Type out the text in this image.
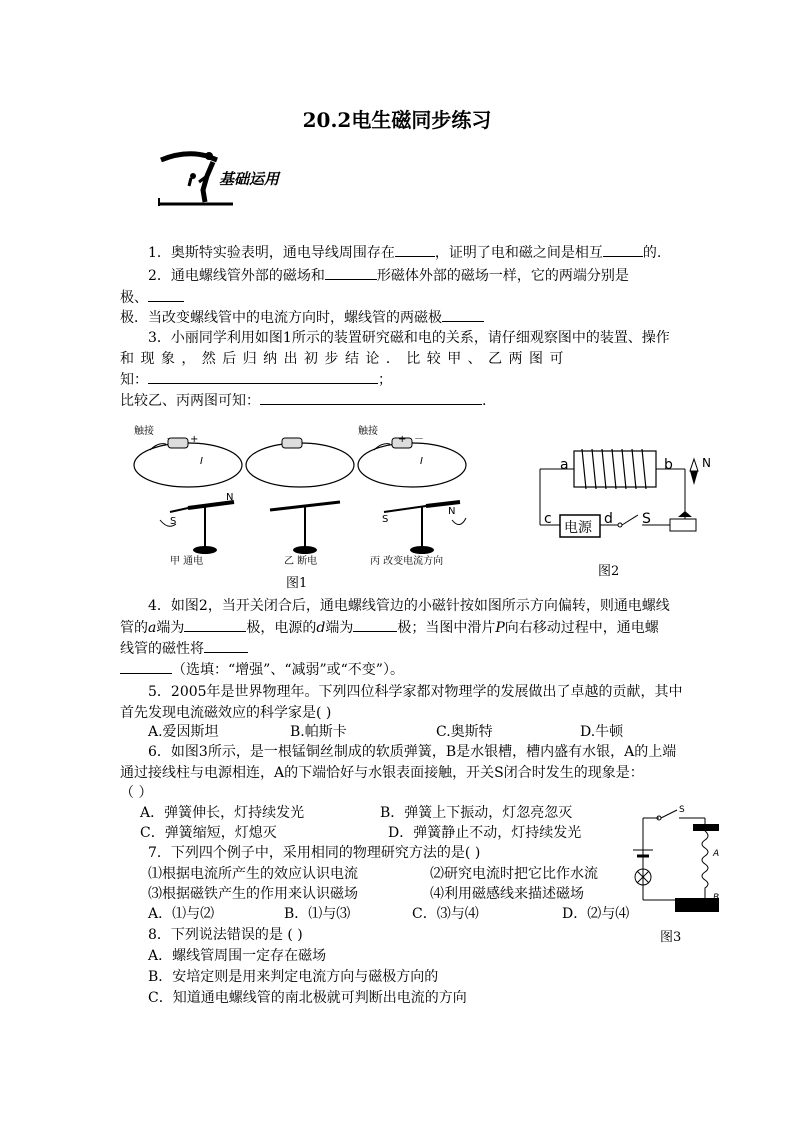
20.2电生磁同步练习
基础运用
1．奥斯特实验表明，通电导线周围存在	，证明了电和磁之间是相互	的.
2．通电螺线管外部的磁场和	形磁体外部的磁场一样，它的两端分别是
极、
极．当改变螺线管中的电流方向时，螺线管的两磁极
3．小丽同学利用如图1所示的装置研究磁和电的关系，请仔细观察图中的装置、操作
和 现 象 ， 然 后 归 纳 出 初 步 结 论 ． 比 较 甲 、 乙 两 图 可
知：	；
比较乙、丙两图可知：	.
触接
+
－
I
S
N
甲 通电	乙 断电
触接
+ －
I
S
N
丙 改变电流方向
图1
a	b
c	d S
N
电源
图2
4．如图2，当开关闭合后，通电螺线管边的小磁针按如图所示方向偏转，则通电螺线
管的a端为	极，电源的d端为	极；当图中滑片P向右移动过程中，通电螺
线管的磁性将
（选填：“增强”、“减弱”或“不变”）。
5．2005年是世界物理年。下列四位科学家都对物理学的发展做出了卓越的贡献，其中
首先发现电流磁效应的科学家是( )
A.爱因斯坦	B.帕斯卡	C.奥斯特	D.牛顿
6．如图3所示，是一根锰铜丝制成的软质弹簧，B是水银槽，槽内盛有水银，A的上端
通过接线柱与电源相连，A的下端恰好与水银表面接触，开关S闭合时发生的现象是：
（ ）
A．弹簧伸长，灯持续发光	B．弹簧上下振动，灯忽亮忽灭
C．弹簧缩短，灯熄灭	D．弹簧静止不动，灯持续发光
S
A
B
图3
7．下列四个例子中，采用相同的物理研究方法的是( )
⑴根据电流所产生的效应认识电流	⑵研究电流时把它比作水流
⑶根据磁铁产生的作用来认识磁场	⑷利用磁感线来描述磁场
A．⑴与⑵	B．⑴与⑶	C．⑶与⑷	D．⑵与⑷
8．下列说法错误的是 ( )
A．螺线管周围一定存在磁场
B．安培定则是用来判定电流方向与磁极方向的
C．知道通电螺线管的南北极就可判断出电流的方向
